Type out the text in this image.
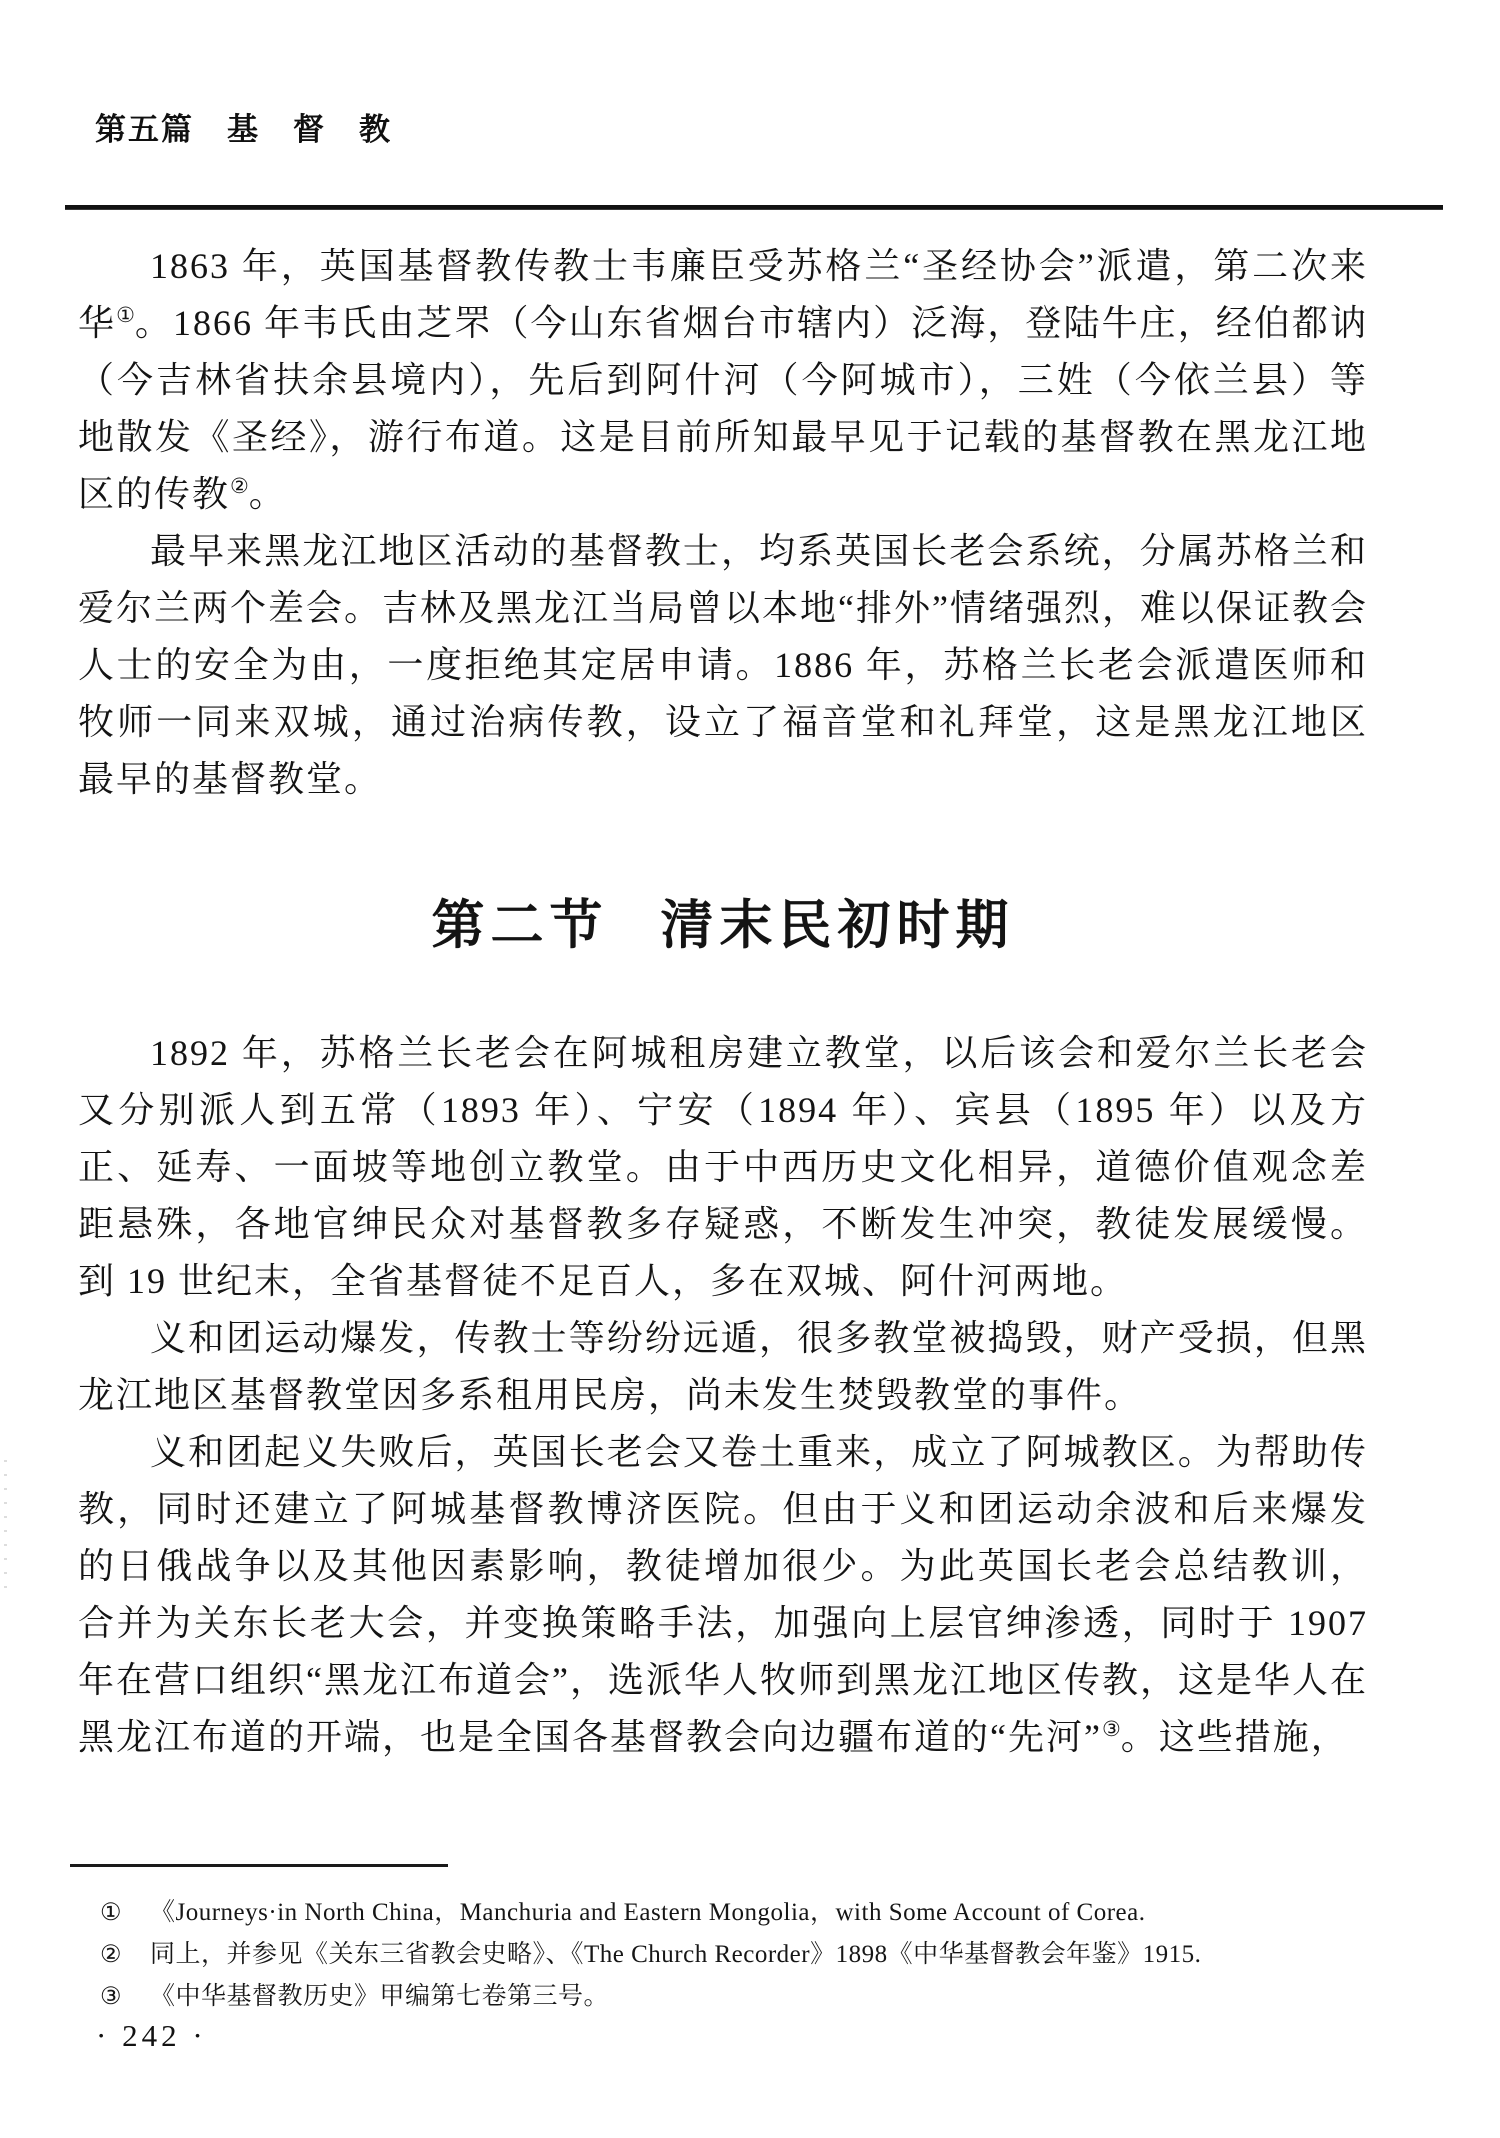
第五篇　基　督　教

1863 年，英国基督教传教士韦廉臣受苏格兰“圣经协会”派遣，第二次来华①。1866 年韦氏由芝罘（今山东省烟台市辖内）泛海，登陆牛庄，经伯都讷（今吉林省扶余县境内），先后到阿什河（今阿城市），三姓（今依兰县）等地散发《圣经》，游行布道。这是目前所知最早见于记载的基督教在黑龙江地区的传教②。

最早来黑龙江地区活动的基督教士，均系英国长老会系统，分属苏格兰和爱尔兰两个差会。吉林及黑龙江当局曾以本地“排外”情绪强烈，难以保证教会人士的安全为由，一度拒绝其定居申请。1886 年，苏格兰长老会派遣医师和牧师一同来双城，通过治病传教，设立了福音堂和礼拜堂，这是黑龙江地区最早的基督教堂。

第二节 清末民初时期

1892 年，苏格兰长老会在阿城租房建立教堂，以后该会和爱尔兰长老会又分别派人到五常（1893 年）、宁安（1894 年）、宾县（1895 年）以及方正、延寿、一面坡等地创立教堂。由于中西历史文化相异，道德价值观念差距悬殊，各地官绅民众对基督教多存疑惑，不断发生冲突，教徒发展缓慢。到 19 世纪末，全省基督徒不足百人，多在双城、阿什河两地。

义和团运动爆发，传教士等纷纷远遁，很多教堂被捣毁，财产受损，但黑龙江地区基督教堂因多系租用民房，尚未发生焚毁教堂的事件。

义和团起义失败后，英国长老会又卷土重来，成立了阿城教区。为帮助传教，同时还建立了阿城基督教博济医院。但由于义和团运动余波和后来爆发的日俄战争以及其他因素影响，教徒增加很少。为此英国长老会总结教训，合并为关东长老大会，并变换策略手法，加强向上层官绅渗透，同时于 1907 年在营口组织“黑龙江布道会”，选派华人牧师到黑龙江地区传教，这是华人在黑龙江布道的开端，也是全国各基督教会向边疆布道的“先河”③。这些措施，

①	《Journeys·in North China，Manchuria and Eastern Mongolia，with Some Account of Corea.
②	同上，并参见《关东三省教会史略》、《The Church Recorder》1898《中华基督教会年鉴》1915.
③	《中华基督教历史》甲编第七卷第三号。
· 242 ·
